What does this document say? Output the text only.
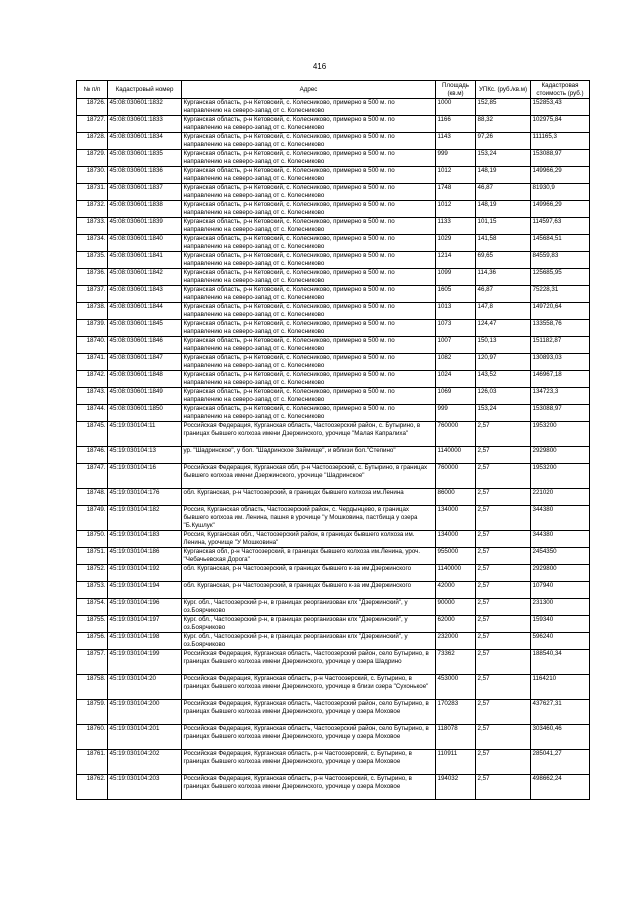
416
№ п/п	Кадастровый номер	Адрес	Площадь (кв.м)	УПКс. (руб./кв.м)	Кадастровая стоимость (руб.)
18726.	45:08:030601:1832	Курганская область, р-н Кетовский, с. Колесниково, примерно в 500 м. по направлению на северо-запад от с. Колесниково	1000	152,85	152853,43
18727.	45:08:030601:1833	Курганская область, р-н Кетовский, с. Колесниково, примерно в 500 м. по направлению на северо-запад от с. Колесниково	1166	88,32	102975,84
18728.	45:08:030601:1834	Курганская область, р-н Кетовский, с. Колесниково, примерно в 500 м. по направлению на северо-запад от с. Колесниково	1143	97,26	111165,3
18729.	45:08:030601:1835	Курганская область, р-н Кетовский, с. Колесниково, примерно в 500 м. по направлению на северо-запад от с. Колесниково	999	153,24	153088,97
18730.	45:08:030601:1836	Курганская область, р-н Кетовский, с. Колесниково, примерно в 500 м. по направлению на северо-запад от с. Колесниково	1012	148,19	149966,29
18731.	45:08:030601:1837	Курганская область, р-н Кетовский, с. Колесниково, примерно в 500 м. по направлению на северо-запад от с. Колесниково	1748	46,87	81930,9
18732.	45:08:030601:1838	Курганская область, р-н Кетовский, с. Колесниково, примерно в 500 м. по направлению на северо-запад от с. Колесниково	1012	148,19	149966,29
18733.	45:08:030601:1839	Курганская область, р-н Кетовский, с. Колесниково, примерно в 500 м. по направлению на северо-запад от с. Колесниково	1133	101,15	114597,63
18734.	45:08:030601:1840	Курганская область, р-н Кетовский, с. Колесниково, примерно в 500 м. по направлению на северо-запад от с. Колесниково	1029	141,58	145684,51
18735.	45:08:030601:1841	Курганская область, р-н Кетовский, с. Колесниково, примерно в 500 м. по направлению на северо-запад от с. Колесниково	1214	69,65	84559,83
18736.	45:08:030601:1842	Курганская область, р-н Кетовский, с. Колесниково, примерно в 500 м. по направлению на северо-запад от с. Колесниково	1099	114,36	125685,95
18737.	45:08:030601:1843	Курганская область, р-н Кетовский, с. Колесниково, примерно в 500 м. по направлению на северо-запад от с. Колесниково	1605	46,87	75228,31
18738.	45:08:030601:1844	Курганская область, р-н Кетовский, с. Колесниково, примерно в 500 м. по направлению на северо-запад от с. Колесниково	1013	147,8	149720,64
18739.	45:08:030601:1845	Курганская область, р-н Кетовский, с. Колесниково, примерно в 500 м. по направлению на северо-запад от с. Колесниково	1073	124,47	133558,76
18740.	45:08:030601:1846	Курганская область, р-н Кетовский, с. Колесниково, примерно в 500 м. по направлению на северо-запад от с. Колесниково	1007	150,13	151182,87
18741.	45:08:030601:1847	Курганская область, р-н Кетовский, с. Колесниково, примерно в 500 м. по направлению на северо-запад от с. Колесниково	1082	120,97	130893,03
18742.	45:08:030601:1848	Курганская область, р-н Кетовский, с. Колесниково, примерно в 500 м. по направлению на северо-запад от с. Колесниково	1024	143,52	146967,18
18743.	45:08:030601:1849	Курганская область, р-н Кетовский, с. Колесниково, примерно в 500 м. по направлению на северо-запад от с. Колесниково	1069	126,03	134723,3
18744.	45:08:030601:1850	Курганская область, р-н Кетовский, с. Колесниково, примерно в 500 м. по направлению на северо-запад от с. Колесниково	999	153,24	153088,97
18745.	45:19:030104:11	Российская Федерация, Курганская область, Частоозерский район, с. Бутырино, в границах бывшего колхоза имени Дзержинского, урочище "Малая Капралиха"	760000	2,57	1953200
18746.	45:19:030104:13	ур. "Шадринское", у бол. "Шадринское Займище", и вблизи бол."Степино"	1140000	2,57	2929800
18747.	45:19:030104:16	Российская Федерация, Курганская обл, р-н Частоозерский, с. Бутырино, в границах бывшего колхоза имени Дзержинского, урочище "Шадринское"	760000	2,57	1953200
18748.	45:19:030104:176	обл. Курганская, р-н Частоозерский, в границах бывшего колхоза им.Ленина	86000	2,57	221020
18749.	45:19:030104:182	Россия, Курганская область, Частоозерский район, с. Чердынцево, в границах бывшего колхоза им. Ленина, пашня в урочище "у Мошковина, пастбища у озера "Б.Кушлук"	134000	2,57	344380
18750.	45:19:030104:183	Россия, Курганская обл., Частоозерский район, в границах бывшего колхоза им. Ленина, урочище "У Мошковина"	134000	2,57	344380
18751.	45:19:030104:186	Курганская обл, р-н Частоозерский, в границах бывшего колхоза им.Ленина, уроч. "Чебачьевская Дорога"	955000	2,57	2454350
18752.	45:19:030104:192	обл. Курганская, р-н Частоозерский, в границах бывшего к-за им.Дзержинского	1140000	2,57	2929800
18753.	45:19:030104:194	обл. Курганская, р-н Частоозерский, в границах бывшего к-за им.Дзержинского	42000	2,57	107940
18754.	45:19:030104:196	Кург. обл., Частоозерский р-н, в границах реорганизован клх "Дзержинский", у оз.Боярчиково	90000	2,57	231300
18755.	45:19:030104:197	Кург. обл., Частоозерский р-н, в границах реорганизован клх "Дзержинский", у оз.Боярчиково	62000	2,57	159340
18756.	45:19:030104:198	Кург. обл., Частоозерский р-н, в границах реорганизован клх "Дзержинский", у оз.Боярчиково	232000	2,57	596240
18757.	45:19:030104:199	Российская Федерация, Курганская область, Частоозерский район, село Бутырино, в границах бывшего колхоза имени Дзержинского, урочище у озера Шадрино	73362	2,57	188540,34
18758.	45:19:030104:20	Российская Федерация, Курганская область, р-н Частоозерский, с. Бутырино, в границах бывшего колхоза имени Дзержинского, урочище в близи озера "Сухонькое"	453000	2,57	1164210
18759.	45:19:030104:200	Российская Федерация, Курганская область, Частоозерский район, село Бутырино, в границах бывшего колхоза имени Дзержинского, урочище у озера Моховое	170283	2,57	437627,31
18760.	45:19:030104:201	Российская Федерация, Курганская область, Частоозерский район, село Бутырино, в границах бывшего колхоза имени Дзержинского, урочище у озера Моховое	118078	2,57	303460,46
18761.	45:19:030104:202	Российская Федерация, Курганская область, р-н Частоозерский, с. Бутырино, в границах бывшего колхоза имени Дзержинского, урочище у озера Моховое	110911	2,57	285041,27
18762.	45:19:030104:203	Российская Федерация, Курганская область, р-н Частоозерский, с. Бутырино, в границах бывшего колхоза имени Дзержинского, урочище у озера Моховое	194032	2,57	498662,24
